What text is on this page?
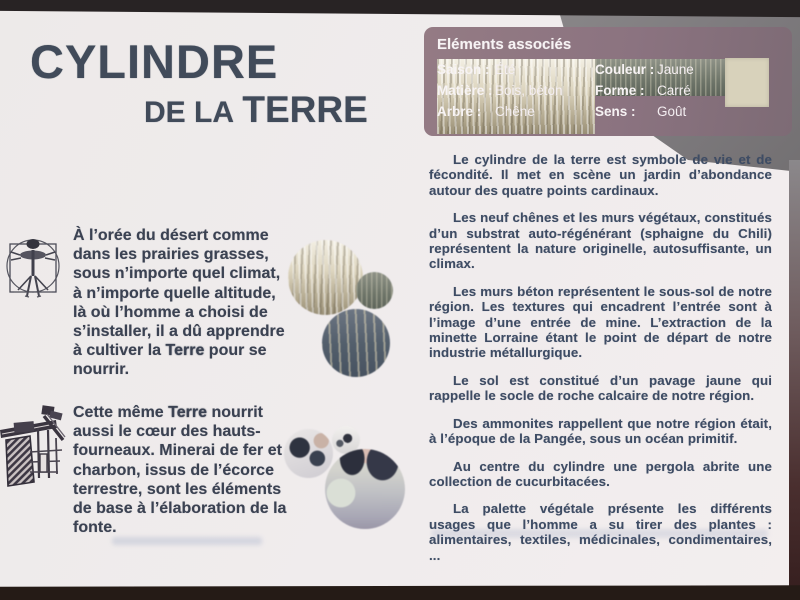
CYLINDRE
DE LA TERRE
Eléments associés
Saison : Été
Matière : Bois, béton
Arbre :	Chêne
Couleur : Jaune
Forme : Carré
Sens :	Goût
À l’orée du désert comme dans les prairies grasses, sous n’importe quel climat, à n’importe quelle altitude, là où l’homme a choisi de s’installer, il a dû apprendre à cultiver la Terre pour se nourrir.
Cette même Terre nourrit aussi le cœur des hauts-fourneaux. Minerai de fer et charbon, issus de l’écorce terrestre, sont les éléments de base à l’élaboration de la fonte.

Le cylindre de la terre est symbole de vie et de fécondité. Il met en scène un jardin d’abondance autour des quatre points cardinaux.

Les neuf chênes et les murs végétaux, constitués d’un substrat auto-régénérant (sphaigne du Chili) représentent la nature originelle, autosuffisante, un climax.

Les murs béton représentent le sous-sol de notre région. Les textures qui encadrent l’entrée sont à l’image d’une entrée de mine. L’extraction de la minette Lorraine étant le point de départ de notre industrie métallurgique.

Le sol est constitué d’un pavage jaune qui rappelle le socle de roche calcaire de notre région.

Des ammonites rappellent que notre région était, à l’époque de la Pangée, sous un océan primitif.

Au centre du cylindre une pergola abrite une collection de cucurbitacées.

La palette végétale présente les différents usages que l’homme a su tirer des plantes : alimentaires, textiles, médicinales, condimentaires, ...
